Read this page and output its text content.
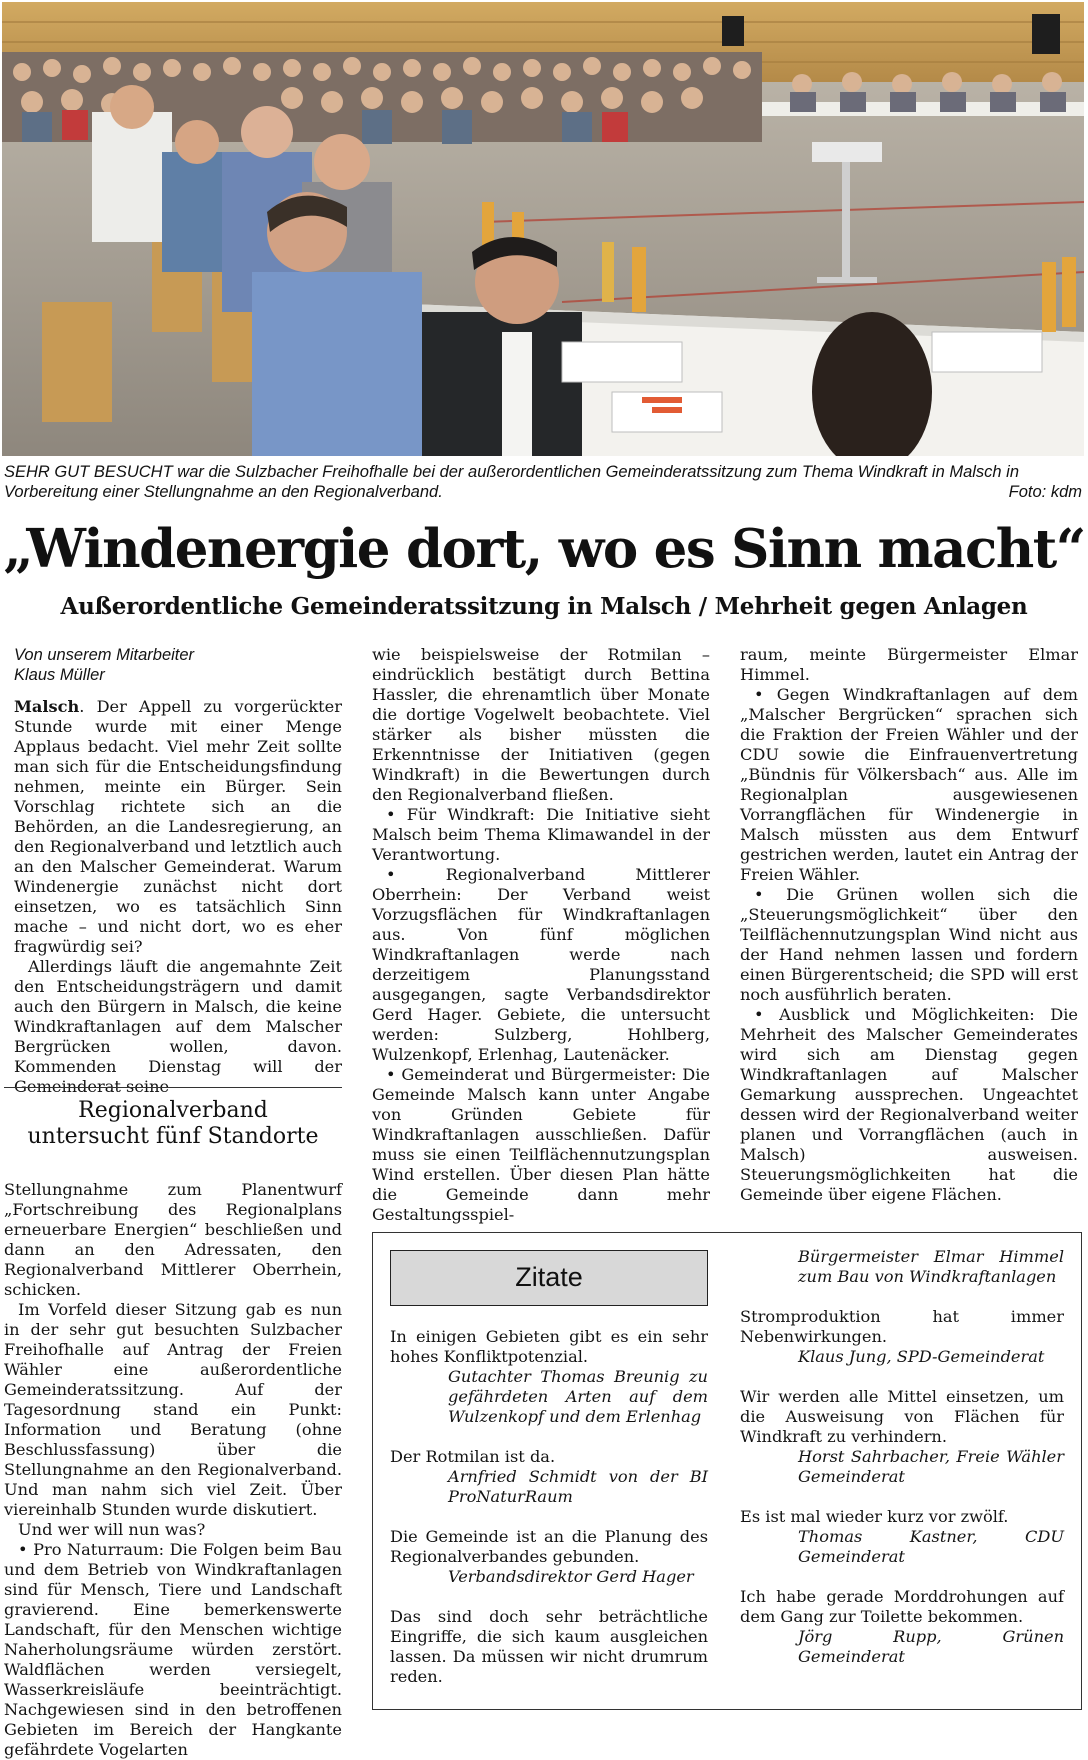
SEHR GUT BESUCHT war die Sulzbacher Freihofhalle bei der außerordentlichen Gemeinderatssitzung zum Thema Windkraft in Malsch in Vorbereitung einer Stellungnahme an den Regionalverband.	Foto: kdm
„Windenergie dort, wo es Sinn macht“
Außerordentliche Gemeinderatssitzung in Malsch / Mehrheit gegen Anlagen

Von unserem Mitarbeiter
Klaus Müller

Malsch. Der Appell zu vorgerückter Stunde wurde mit einer Menge Applaus bedacht. Viel mehr Zeit sollte man sich für die Entscheidungsfindung nehmen, meinte ein Bürger. Sein Vorschlag richtete sich an die Behörden, an die Landesregierung, an den Regionalverband und letztlich auch an den Malscher Gemeinderat. Warum Windenergie zunächst nicht dort einsetzen, wo es tatsächlich Sinn mache – und nicht dort, wo es eher fragwürdig sei?

Allerdings läuft die angemahnte Zeit den Entscheidungsträgern und damit auch den Bürgern in Malsch, die keine Windkraftanlagen auf dem Malscher Bergrücken wollen, davon. Kommenden Dienstag will der Gemeinderat seine

Regionalverband
untersucht fünf Standorte

Stellungnahme zum Planentwurf „Fortschreibung des Regionalplans erneuerbare Energien“ beschließen und dann an den Adressaten, den Regionalverband Mittlerer Oberrhein, schicken.

Im Vorfeld dieser Sitzung gab es nun in der sehr gut besuchten Sulzbacher Freihofhalle auf Antrag der Freien Wähler eine außerordentliche Gemeinderatssitzung. Auf der Tagesordnung stand ein Punkt: Information und Beratung (ohne Beschlussfassung) über die Stellungnahme an den Regionalverband. Und man nahm sich viel Zeit. Über viereinhalb Stunden wurde diskutiert.

Und wer will nun was?

• Pro Naturraum: Die Folgen beim Bau und dem Betrieb von Windkraftanlagen sind für Mensch, Tiere und Landschaft gravierend. Eine bemerkenswerte Landschaft, für den Menschen wichtige Naherholungsräume würden zerstört. Waldflächen werden versiegelt, Wasserkreisläufe beeinträchtigt. Nachgewiesen sind in den betroffenen Gebieten im Bereich der Hangkante gefährdete Vogelarten

wie beispielsweise der Rotmilan – eindrücklich bestätigt durch Bettina Hassler, die ehrenamtlich über Monate die dortige Vogelwelt beobachtete. Viel stärker als bisher müssten die Erkenntnisse der Initiativen (gegen Windkraft) in die Bewertungen durch den Regionalverband fließen.

• Für Windkraft: Die Initiative sieht Malsch beim Thema Klimawandel in der Verantwortung.

• Regionalverband Mittlerer Oberrhein: Der Verband weist Vorzugsflächen für Windkraftanlagen aus. Von fünf möglichen Windkraftanlagen werde nach derzeitigem Planungsstand ausgegangen, sagte Verbandsdirektor Gerd Hager. Gebiete, die untersucht werden: Sulzberg, Hohlberg, Wulzenkopf, Erlenhag, Lautenäcker.

• Gemeinderat und Bürgermeister: Die Gemeinde Malsch kann unter Angabe von Gründen Gebiete für Windkraftanlagen ausschließen. Dafür muss sie einen Teilflächennutzungsplan Wind erstellen. Über diesen Plan hätte die Gemeinde dann mehr Gestaltungsspiel-

raum, meinte Bürgermeister Elmar Himmel.

• Gegen Windkraftanlagen auf dem „Malscher Bergrücken“ sprachen sich die Fraktion der Freien Wähler und der CDU sowie die Einfrauenvertretung „Bündnis für Völkersbach“ aus. Alle im Regionalplan ausgewiesenen Vorrangflächen für Windenergie in Malsch müssten aus dem Entwurf gestrichen werden, lautet ein Antrag der Freien Wähler.

• Die Grünen wollen sich die „Steuerungsmöglichkeit“ über den Teilflächennutzungsplan Wind nicht aus der Hand nehmen lassen und fordern einen Bürgerentscheid; die SPD will erst noch ausführlich beraten.

• Ausblick und Möglichkeiten: Die Mehrheit des Malscher Gemeinderates wird sich am Dienstag gegen Windkraftanlagen auf Malscher Gemarkung aussprechen. Ungeachtet dessen wird der Regionalverband weiter planen und Vorrangflächen (auch in Malsch) ausweisen. Steuerungsmöglichkeiten hat die Gemeinde über eigene Flächen.

Zitate

In einigen Gebieten gibt es ein sehr hohes Konfliktpotenzial.

Gutachter Thomas Breunig zu gefährdeten Arten auf dem Wulzenkopf und dem Erlenhag

Der Rotmilan ist da.

Arnfried Schmidt von der BI ProNaturRaum

Die Gemeinde ist an die Planung des Regionalverbandes gebunden.

Verbandsdirektor Gerd Hager

Das sind doch sehr beträchtliche Eingriffe, die sich kaum ausgleichen lassen. Da müssen wir nicht drumrum reden.

Bürgermeister Elmar Himmel zum Bau von Windkraftanlagen

Stromproduktion hat immer Nebenwirkungen.

Klaus Jung, SPD-Gemeinderat

Wir werden alle Mittel einsetzen, um die Ausweisung von Flächen für Windkraft zu verhindern.

Horst Sahrbacher, Freie Wähler Gemeinderat

Es ist mal wieder kurz vor zwölf.

Thomas Kastner, CDU Gemeinderat

Ich habe gerade Morddrohungen auf dem Gang zur Toilette bekommen.

Jörg Rupp, Grünen Gemeinderat
